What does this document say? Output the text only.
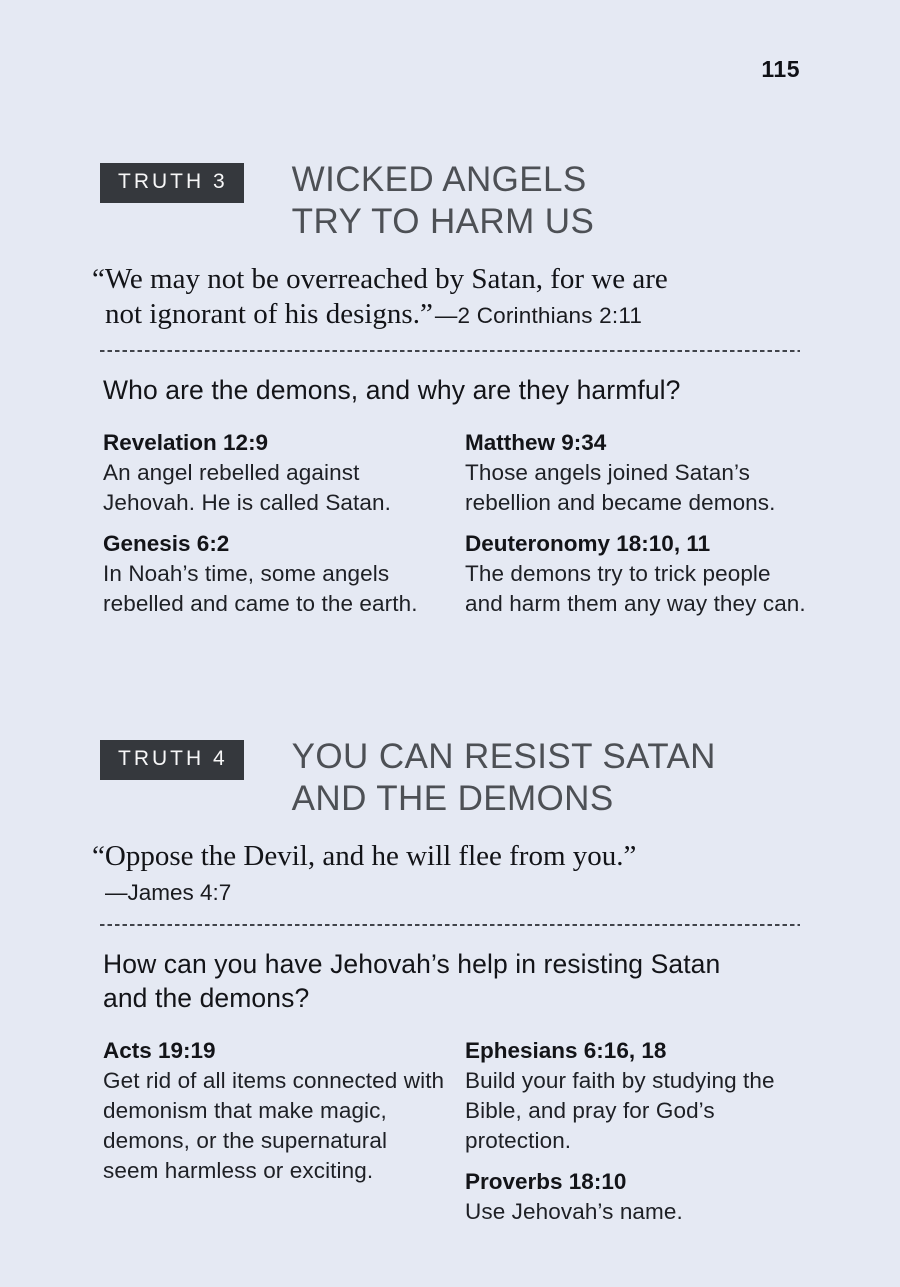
115
TRUTH 3	WICKED ANGELS
TRY TO HARM US
“We may not be overreached by Satan, for we are
not ignorant of his designs.”—2 Corinthians 2:11
Who are the demons, and why are they harmful?
Revelation 12:9
An angel rebelled against Jehovah. He is called Satan.
Genesis 6:2
In Noah’s time, some angels rebelled and came to the earth.
Matthew 9:34
Those angels joined Satan’s rebellion and became demons.
Deuteronomy 18:10, 11
The demons try to trick people and harm them any way they can.
TRUTH 4	YOU CAN RESIST SATAN
AND THE DEMONS
“Oppose the Devil, and he will flee from you.”
—James 4:7
How can you have Jehovah’s help in resisting Satan and the demons?
Acts 19:19
Get rid of all items connected with demonism that make magic, demons, or the supernatural seem harmless or exciting.
Ephesians 6:16, 18
Build your faith by studying the Bible, and pray for God’s protection.
Proverbs 18:10
Use Jehovah’s name.
